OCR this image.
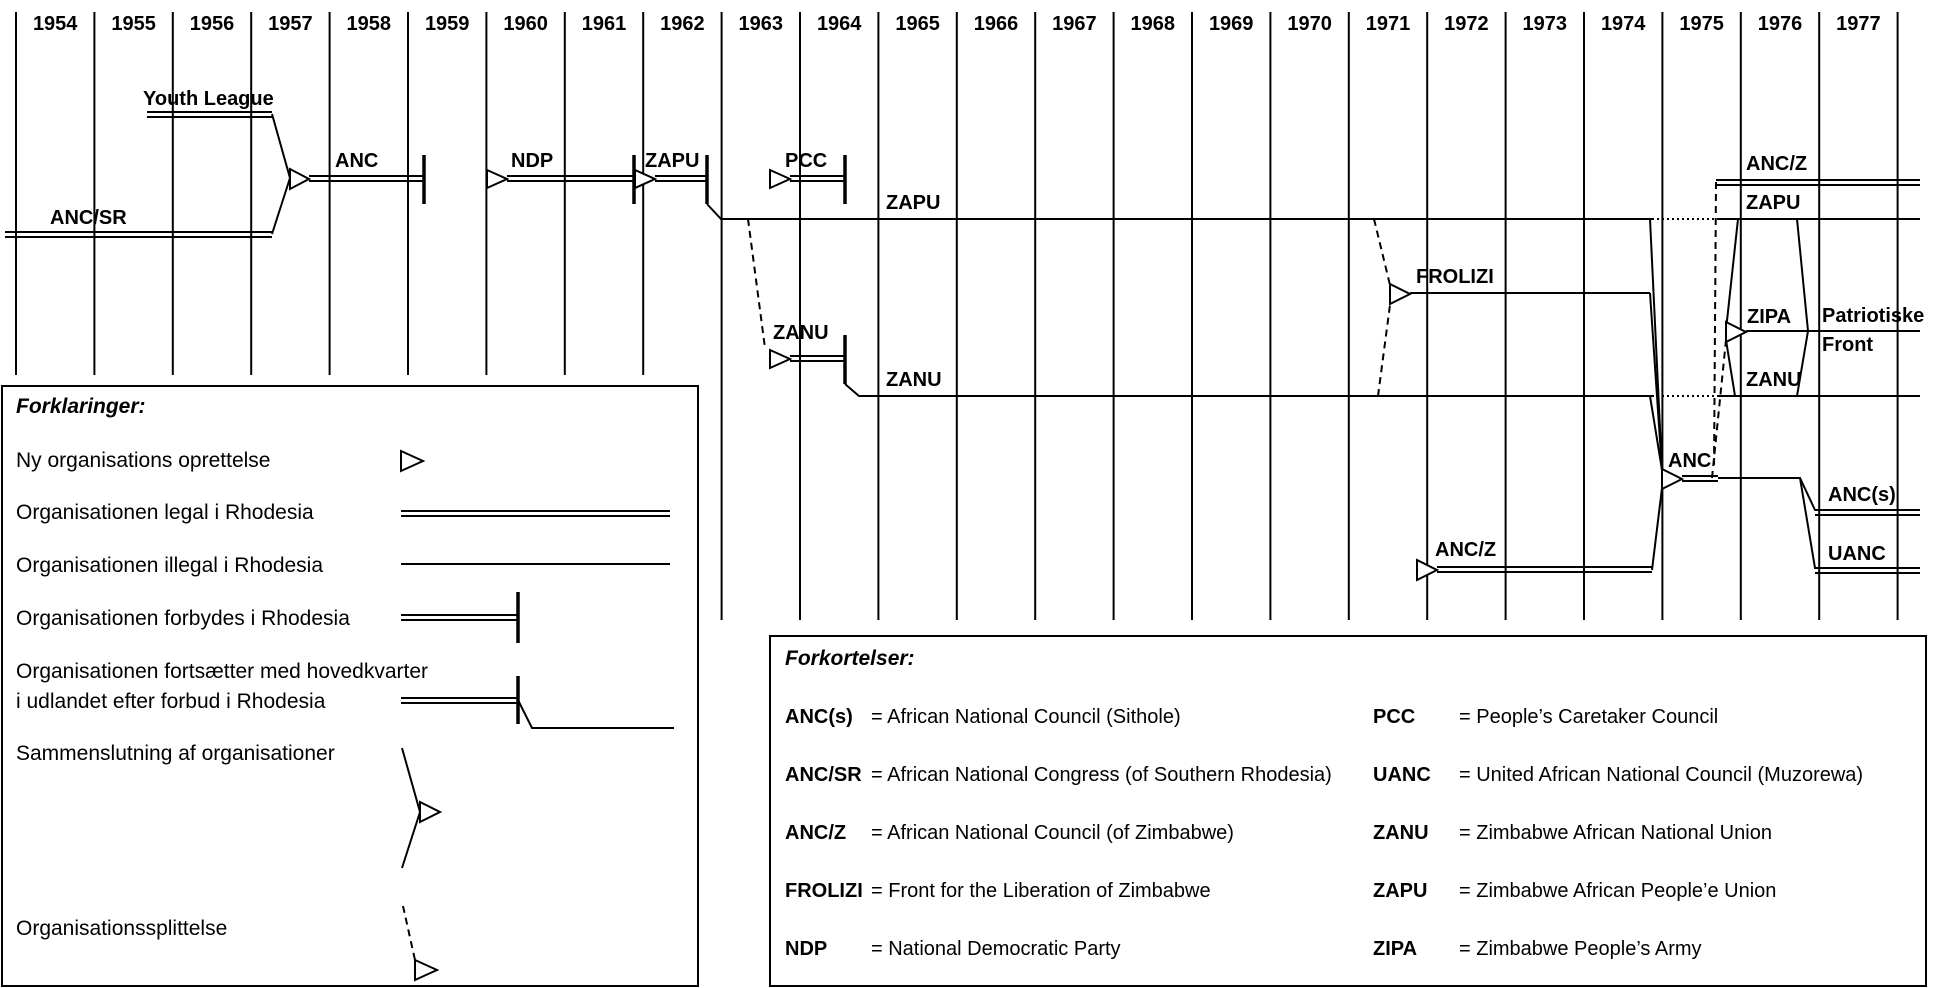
1954 1955 1956 1957 1958 1959 1960 1961 1962 1963 1964 1965 1966 1967 1968 1969 1970 1971 1972 1973 1974 1975 1976 1977
Youth League
ANC/SR
ANC	NDP	ZAPU	PCC
ZAPU
ZANU
ZANU
FROLIZI
ANC/Z
ANC
ANC/Z
ZAPU
ZIPA
ZANU
Patriotiske
Front
ANC(s)
UANC
Forklaringer:
Ny organisations oprettelse
Organisationen legal i Rhodesia
Organisationen illegal i Rhodesia
Organisationen forbydes i Rhodesia
Organisationen fortsætter med hovedkvarter
i udlandet efter forbud i Rhodesia
Sammenslutning af organisationer
Organisationssplittelse
Forkortelser:
ANC(s) = African National Council (Sithole)
ANC/SR = African National Congress (of Southern Rhodesia)
ANC/Z = African National Council (of Zimbabwe)
FROLIZI = Front for the Liberation of Zimbabwe
NDP = National Democratic Party
PCC = People’s Caretaker Council
UANC = United African National Council (Muzorewa)
ZANU = Zimbabwe African National Union
ZAPU = Zimbabwe African People’e Union
ZIPA = Zimbabwe People’s Army
